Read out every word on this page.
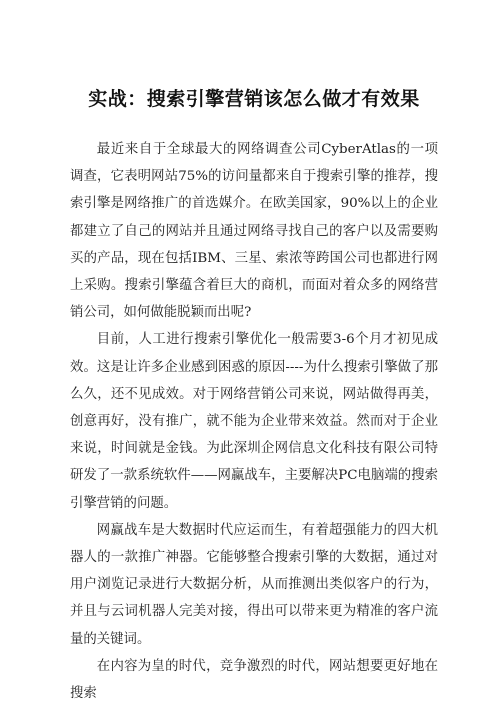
实战：搜索引擎营销该怎么做才有效果

最近来自于全球最大的网络调查公司CyberAtlas的一项调查，它表明网站75%的访问量都来自于搜索引擎的推荐，搜索引擎是网络推广的首选媒介。在欧美国家，90%以上的企业都建立了自己的网站并且通过网络寻找自己的客户以及需要购买的产品，现在包括IBM、三星、索浓等跨国公司也都进行网上采购。搜索引擎蕴含着巨大的商机，而面对着众多的网络营销公司，如何做能脱颖而出呢?

目前，人工进行搜索引擎优化一般需要3-6个月才初见成效。这是让许多企业感到困惑的原因----为什么搜索引擎做了那么久，还不见成效。对于网络营销公司来说，网站做得再美，创意再好，没有推广，就不能为企业带来效益。然而对于企业来说，时间就是金钱。为此深圳企网信息文化科技有限公司特研发了一款系统软件——网赢战车，主要解决PC电脑端的搜索引擎营销的问题。

网赢战车是大数据时代应运而生，有着超强能力的四大机器人的一款推广神器。它能够整合搜索引擎的大数据，通过对用户浏览记录进行大数据分析，从而推测出类似客户的行为，并且与云词机器人完美对接，得出可以带来更为精准的客户流量的关键词。

在内容为皇的时代，竞争激烈的时代，网站想要更好地在搜索
